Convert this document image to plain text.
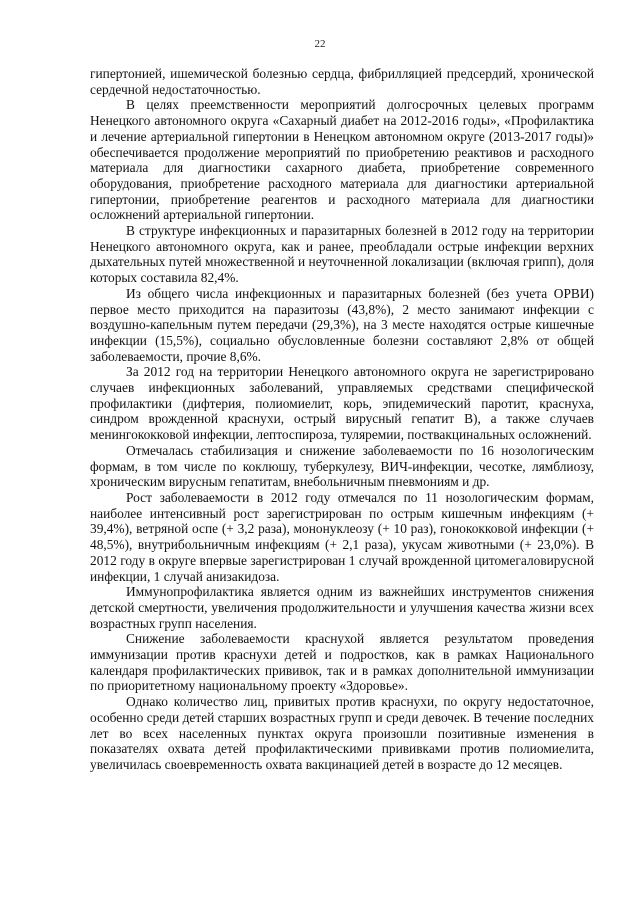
22

гипертонией, ишемической болезнью сердца, фибрилляцией предсердий, хронической сердечной недостаточностью.

В целях преемственности мероприятий долгосрочных целевых программ Ненецкого автономного округа «Сахарный диабет на 2012-2016 годы», «Профилактика и лечение артериальной гипертонии в Ненецком автономном округе (2013-2017 годы)» обеспечивается продолжение мероприятий по приобретению реактивов и расходного материала для диагностики сахарного диабета, приобретение современного оборудования, приобретение расходного материала для диагностики артериальной гипертонии, приобретение реагентов и расходного материала для диагностики осложнений артериальной гипертонии.

В структуре инфекционных и паразитарных болезней в 2012 году на территории Ненецкого автономного округа, как и ранее, преобладали острые инфекции верхних дыхательных путей множественной и неуточненной локализации (включая грипп), доля которых составила 82,4%.

Из общего числа инфекционных и паразитарных болезней (без учета ОРВИ) первое место приходится на паразитозы (43,8%), 2 место занимают инфекции с воздушно-капельным путем передачи (29,3%), на 3 месте находятся острые кишечные инфекции (15,5%), социально обусловленные болезни составляют 2,8% от общей заболеваемости, прочие 8,6%.

За 2012 год на территории Ненецкого автономного округа не зарегистрировано случаев инфекционных заболеваний, управляемых средствами специфической профилактики (дифтерия, полиомиелит, корь, эпидемический паротит, краснуха, синдром врожденной краснухи, острый вирусный гепатит В), а также случаев менингококковой инфекции, лептоспироза, туляремии, поствакцинальных осложнений.

Отмечалась стабилизация и снижение заболеваемости по 16 нозологическим формам, в том числе по коклюшу, туберкулезу, ВИЧ-инфекции, чесотке, лямблиозу, хроническим вирусным гепатитам, внебольничным пневмониям и др.

Рост заболеваемости в 2012 году отмечался по 11 нозологическим формам, наиболее интенсивный рост зарегистрирован по острым кишечным инфекциям (+ 39,4%), ветряной оспе (+ 3,2 раза), мононуклеозу (+ 10 раз), гонококковой инфекции (+ 48,5%), внутрибольничным инфекциям (+ 2,1 раза), укусам животными (+ 23,0%). В 2012 году в округе впервые зарегистрирован 1 случай врожденной цитомегаловирусной инфекции, 1 случай анизакидоза.

Иммунопрофилактика является одним из важнейших инструментов снижения детской смертности, увеличения продолжительности и улучшения качества жизни всех возрастных групп населения.

Снижение заболеваемости краснухой является результатом проведения иммунизации против краснухи детей и подростков, как в рамках Национального календаря профилактических прививок, так и в рамках дополнительной иммунизации по приоритетному национальному проекту «Здоровье».

Однако количество лиц, привитых против краснухи, по округу недостаточное, особенно среди детей старших возрастных групп и среди девочек. В течение последних лет во всех населенных пунктах округа произошли позитивные изменения в показателях охвата детей профилактическими прививками против полиомиелита, увеличилась своевременность охвата вакцинацией детей в возрасте до 12 месяцев.
